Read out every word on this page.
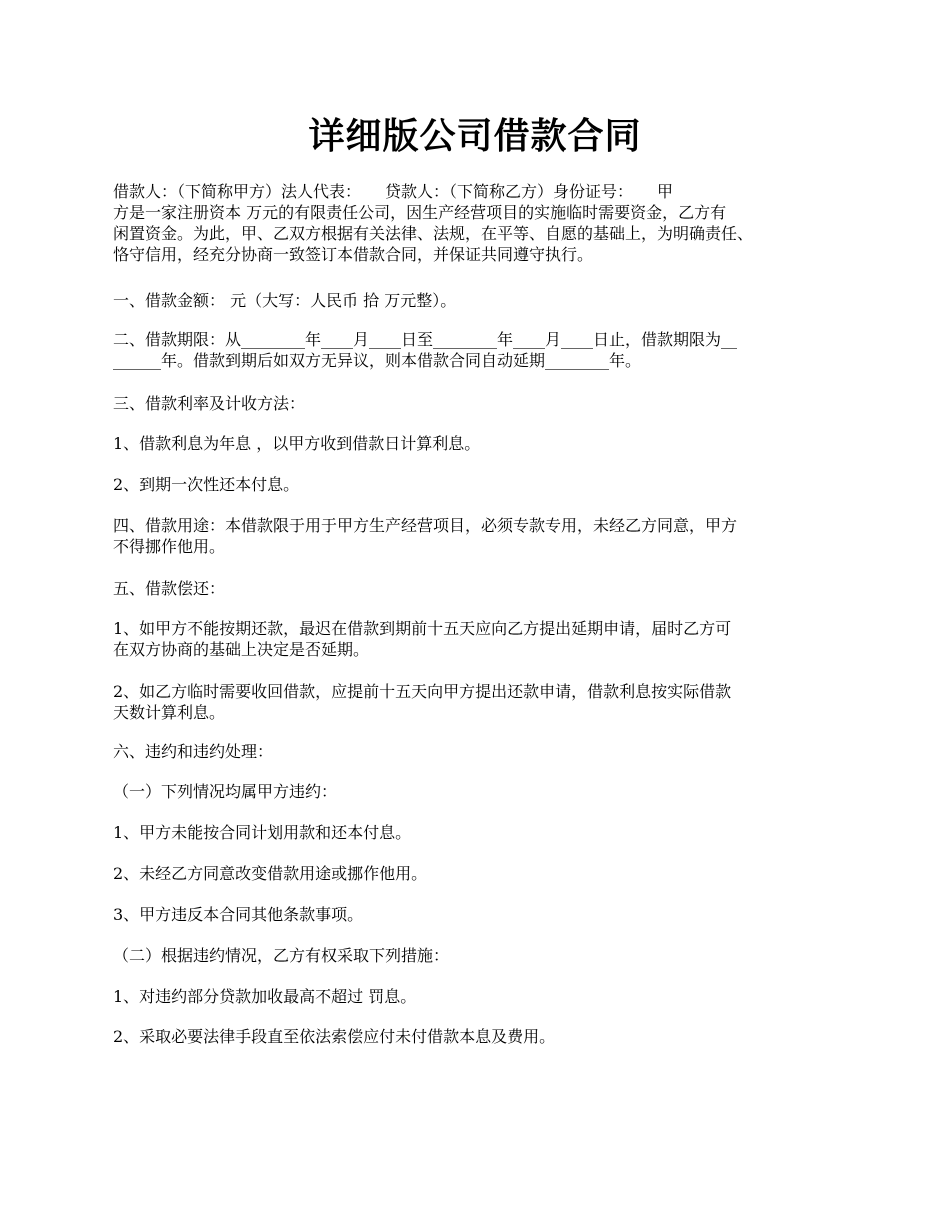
详细版公司借款合同
借款人：（下简称甲方）法人代表：　　贷款人：（下简称乙方）身份证号：　　甲
方是一家注册资本 万元的有限责任公司，因生产经营项目的实施临时需要资金，乙方有
闲置资金。为此，甲、乙双方根据有关法律、法规，在平等、自愿的基础上，为明确责任、
恪守信用，经充分协商一致签订本借款合同，并保证共同遵守执行。
一、借款金额： 元（大写：人民币 拾 万元整）。
二、借款期限：从________年____月____日至________年____月____日止，借款期限为__
______年。借款到期后如双方无异议，则本借款合同自动延期________年。
三、借款利率及计收方法：
1、借款利息为年息 ，以甲方收到借款日计算利息。
2、到期一次性还本付息。
四、借款用途：本借款限于用于甲方生产经营项目，必须专款专用，未经乙方同意，甲方
不得挪作他用。
五、借款偿还：
1、如甲方不能按期还款，最迟在借款到期前十五天应向乙方提出延期申请，届时乙方可
在双方协商的基础上决定是否延期。
2、如乙方临时需要收回借款，应提前十五天向甲方提出还款申请，借款利息按实际借款
天数计算利息。
六、违约和违约处理：
（一）下列情况均属甲方违约：
1、甲方未能按合同计划用款和还本付息。
2、未经乙方同意改变借款用途或挪作他用。
3、甲方违反本合同其他条款事项。
（二）根据违约情况，乙方有权采取下列措施：
1、对违约部分贷款加收最高不超过 罚息。
2、采取必要法律手段直至依法索偿应付未付借款本息及费用。
